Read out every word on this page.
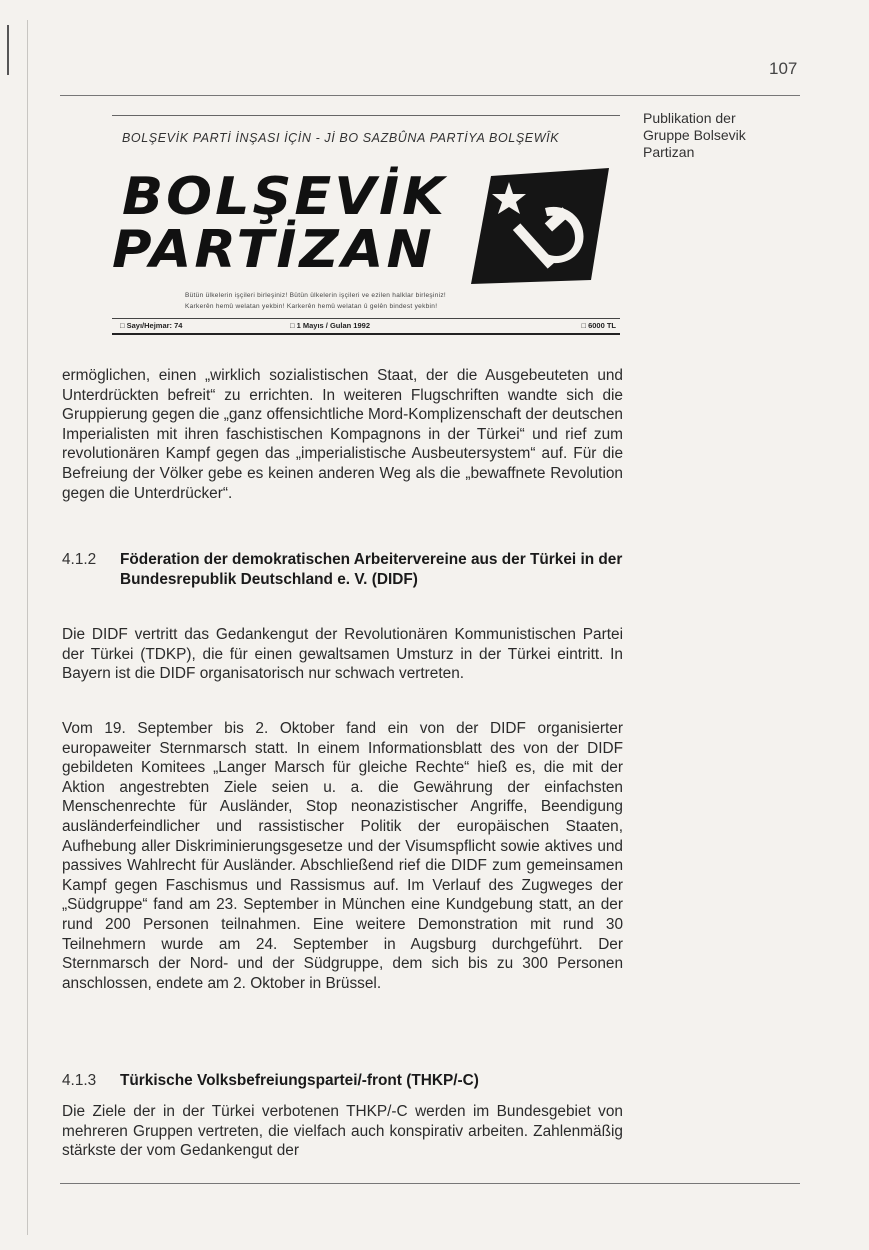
107
BOLŞEVİK PARTİ İNŞASI İÇİN - Jİ BO SAZBÛNA PARTİYA BOLŞEWÎK
BOLŞEVİK
PARTİZAN
Bütün ülkelerin işçileri birleşiniz! Bütün ülkelerin işçileri ve ezilen halklar birleşiniz!
Karkerên hemû welatan yekbin! Karkerên hemû welatan û gelên bindest yekbin!
□ Sayı/Hejmar: 74	□ 1 Mayıs / Gulan 1992	□ 6000 TL
Publikation der
Gruppe Bolsevik
Partizan
ermöglichen, einen „wirklich sozialistischen Staat, der die Ausgebeuteten und Unterdrückten befreit“ zu errichten. In weiteren Flugschriften wandte sich die Gruppierung gegen die „ganz offensichtliche Mord-Komplizenschaft der deutschen Imperialisten mit ihren faschistischen Kompagnons in der Türkei“ und rief zum revolutionären Kampf gegen das „imperialistische Ausbeutersystem“ auf. Für die Befreiung der Völker gebe es keinen anderen Weg als die „bewaffnete Revolution gegen die Unterdrücker“.
4.1.2	Föderation der demokratischen Arbeitervereine aus der Türkei in der Bundesrepublik Deutschland e. V. (DIDF)
Die DIDF vertritt das Gedankengut der Revolutionären Kommunistischen Partei der Türkei (TDKP), die für einen gewaltsamen Umsturz in der Türkei eintritt. In Bayern ist die DIDF organisatorisch nur schwach vertreten.
Vom 19. September bis 2. Oktober fand ein von der DIDF organisierter europaweiter Sternmarsch statt. In einem Informationsblatt des von der DIDF gebildeten Komitees „Langer Marsch für gleiche Rechte“ hieß es, die mit der Aktion angestrebten Ziele seien u. a. die Gewährung der einfachsten Menschenrechte für Ausländer, Stop neonazistischer Angriffe, Beendigung ausländerfeindlicher und rassistischer Politik der europäischen Staaten, Aufhebung aller Diskriminierungsgesetze und der Visumspflicht sowie aktives und passives Wahlrecht für Ausländer. Abschließend rief die DIDF zum gemeinsamen Kampf gegen Faschismus und Rassismus auf. Im Verlauf des Zugweges der „Südgruppe“ fand am 23. September in München eine Kundgebung statt, an der rund 200 Personen teilnahmen. Eine weitere Demonstration mit rund 30 Teilnehmern wurde am 24. September in Augsburg durchgeführt. Der Sternmarsch der Nord- und der Südgruppe, dem sich bis zu 300 Personen anschlossen, endete am 2. Oktober in Brüssel.
4.1.3	Türkische Volksbefreiungspartei/-front (THKP/-C)
Die Ziele der in der Türkei verbotenen THKP/-C werden im Bundesgebiet von mehreren Gruppen vertreten, die vielfach auch konspirativ arbeiten. Zahlenmäßig stärkste der vom Gedankengut der
